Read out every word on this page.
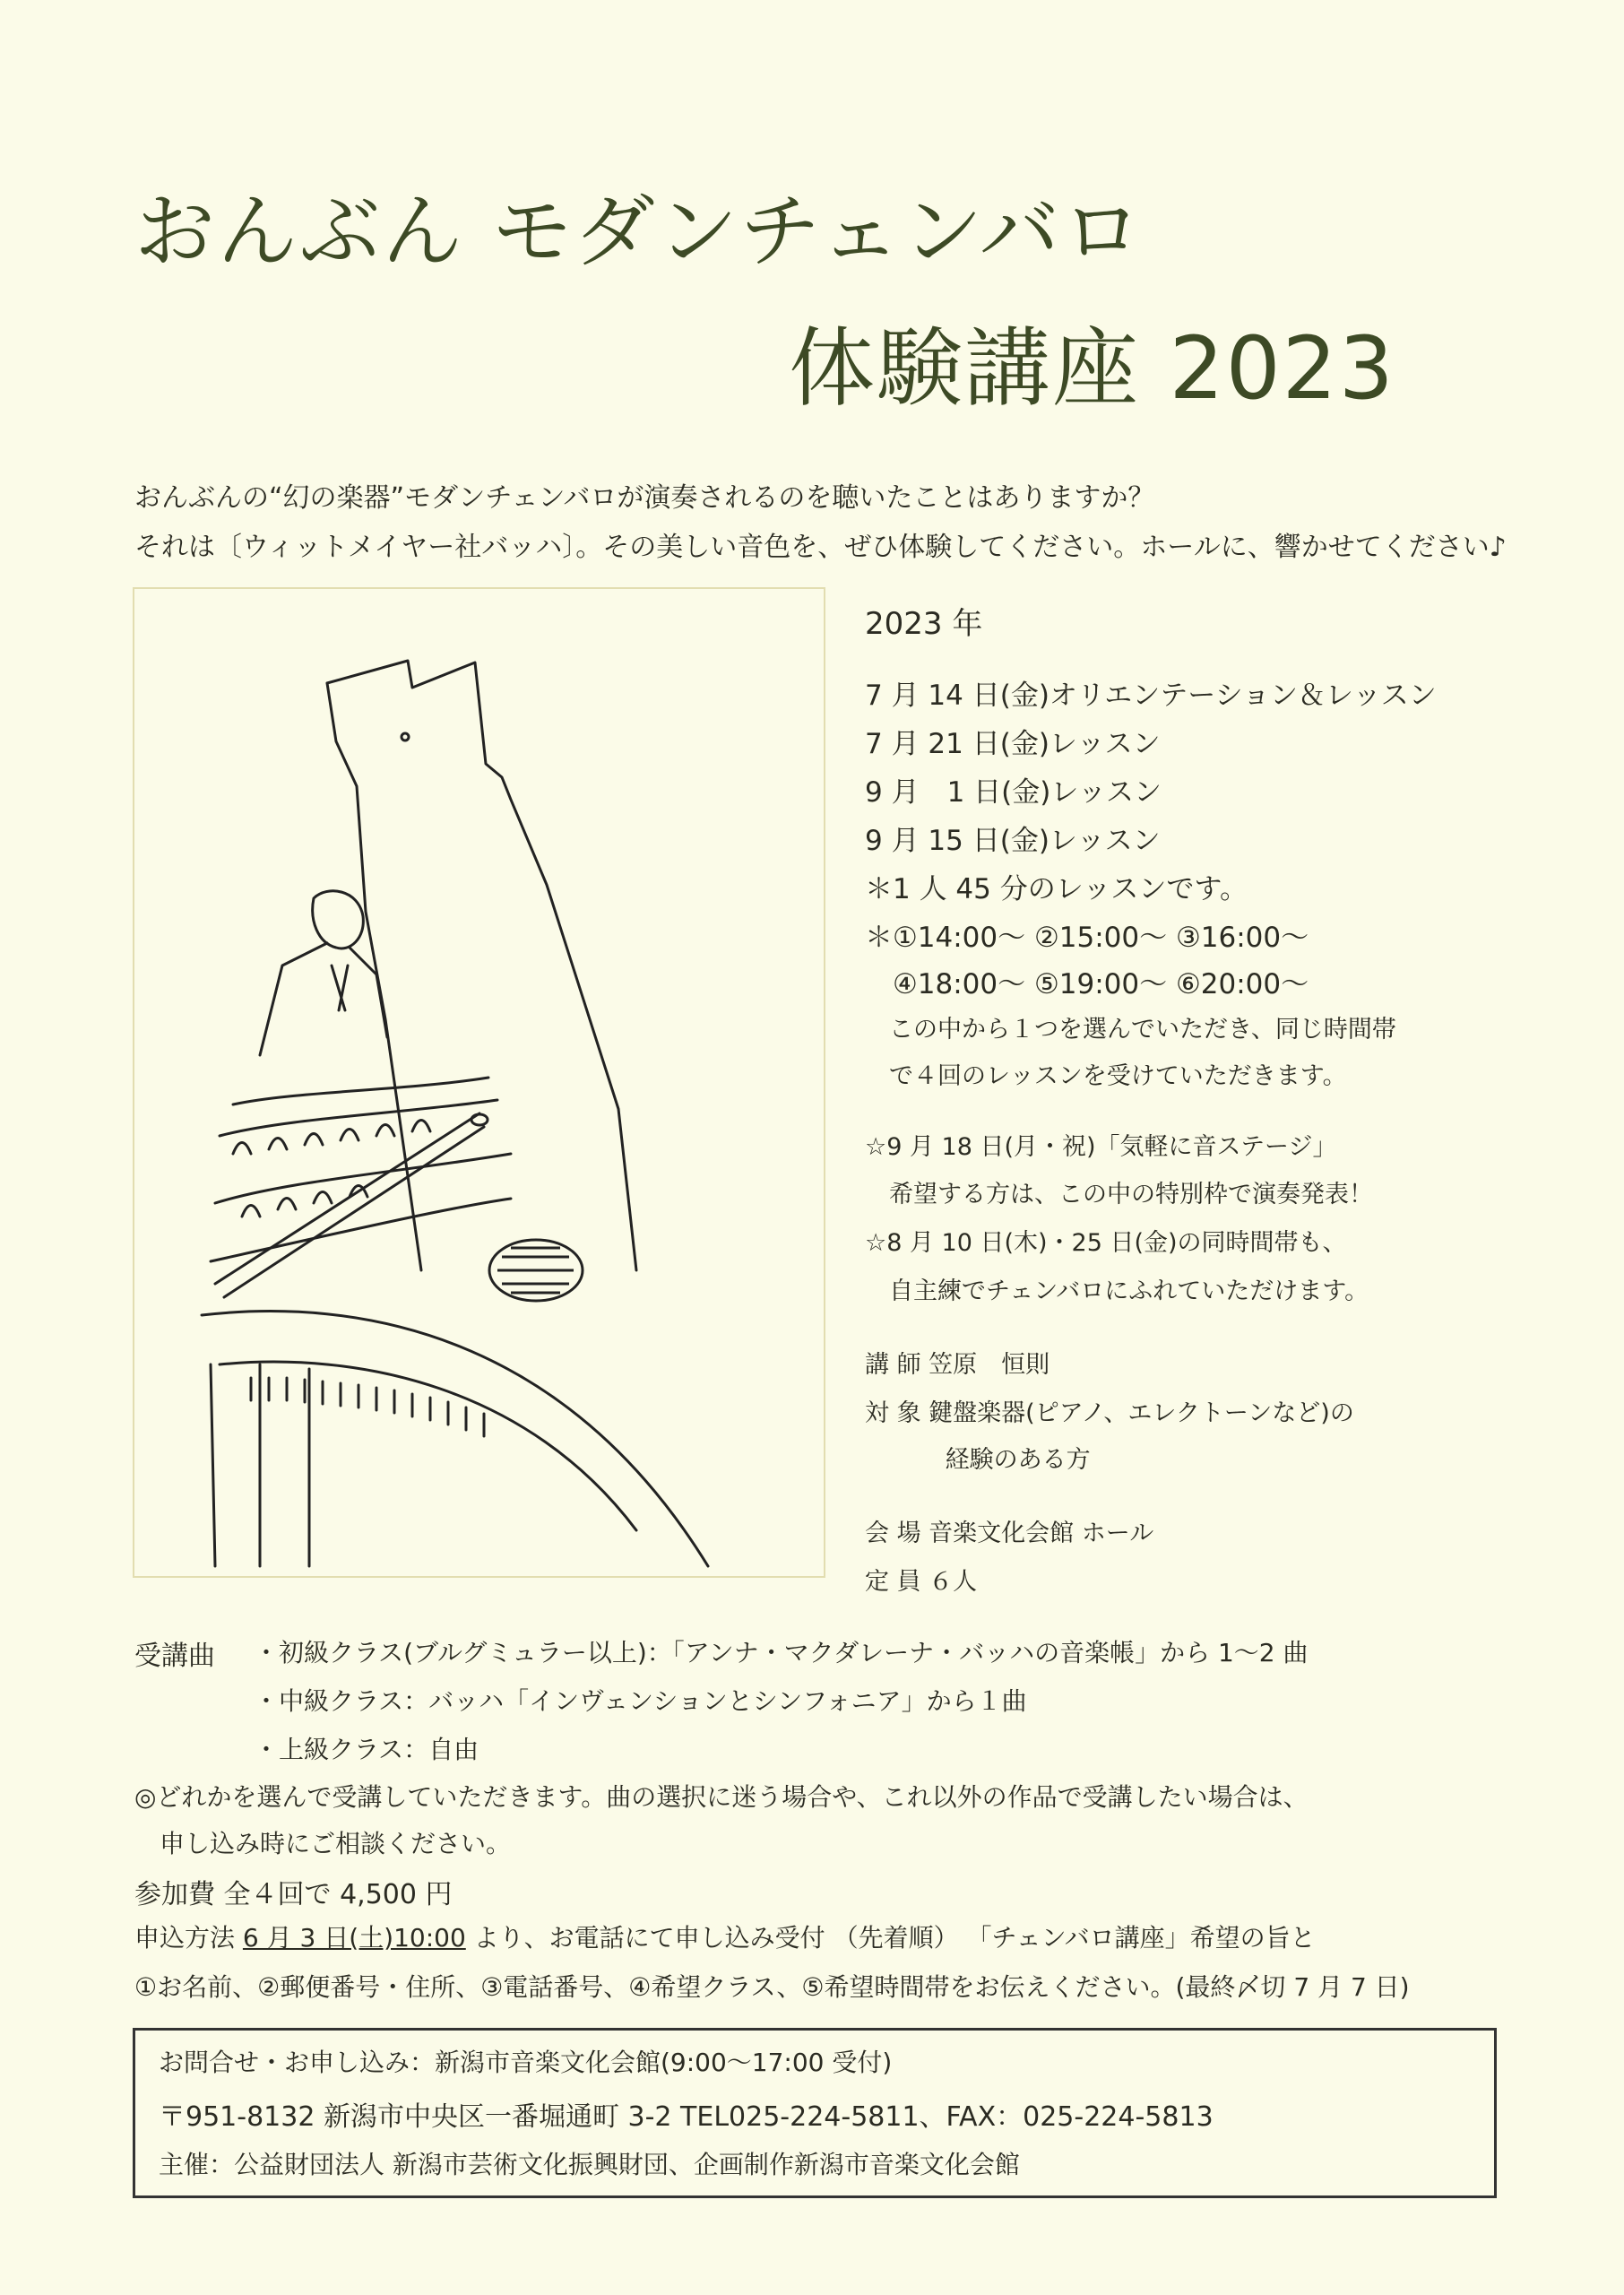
おんぶん モダンチェンバロ
体験講座 2023
おんぶんの“幻の楽器”モダンチェンバロが演奏されるのを聴いたことはありますか？
それは〔ウィットメイヤー社バッハ〕。その美しい音色を、ぜひ体験してください。ホールに、響かせてください♪
2023 年
7 月 14 日(金)オリエンテーション＆レッスン
7 月 21 日(金)レッスン
9 月　1 日(金)レッスン
9 月 15 日(金)レッスン
＊1 人 45 分のレッスンです。
＊①14:00～ ②15:00～ ③16:00～
　④18:00～ ⑤19:00～ ⑥20:00～
　この中から１つを選んでいただき、同じ時間帯
　で４回のレッスンを受けていただきます。
☆9 月 18 日(月・祝)「気軽に音ステージ」
　希望する方は、この中の特別枠で演奏発表！
☆8 月 10 日(木)・25 日(金)の同時間帯も、
　自主練でチェンバロにふれていただけます。
講 師 笠原　恒則
対 象 鍵盤楽器(ピアノ、エレクトーンなど)の
　　　 経験のある方
会 場 音楽文化会館 ホール
定 員 ６人
受講曲 ・初級クラス(ブルグミュラー以上)：「アンナ・マクダレーナ・バッハの音楽帳」から 1～2 曲
・中級クラス：バッハ「インヴェンションとシンフォニア」から１曲
・上級クラス：自由
◎どれかを選んで受講していただきます。曲の選択に迷う場合や、これ以外の作品で受講したい場合は、
　申し込み時にご相談ください。
参加費 全４回で 4,500 円
申込方法 6 月 3 日(土)10:00 より、お電話にて申し込み受付 （先着順） 「チェンバロ講座」希望の旨と
①お名前、②郵便番号・住所、③電話番号、④希望クラス、⑤希望時間帯をお伝えください。(最終〆切 7 月 7 日)
お問合せ・お申し込み：新潟市音楽文化会館(9:00～17:00 受付)
〒951-8132 新潟市中央区一番堀通町 3-2 TEL025-224-5811、FAX：025-224-5813
主催：公益財団法人 新潟市芸術文化振興財団、企画制作新潟市音楽文化会館
